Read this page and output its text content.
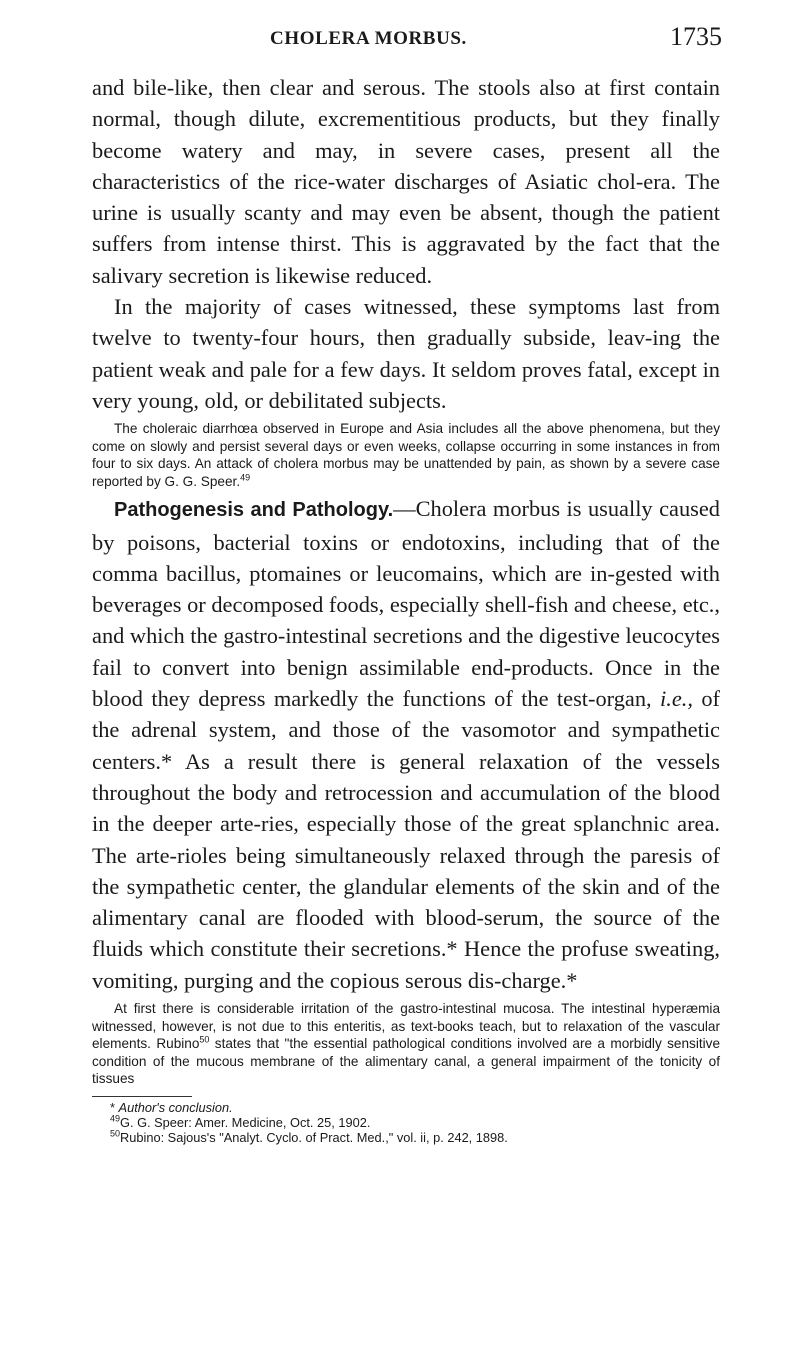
CHOLERA MORBUS.	1735

and bile-like, then clear and serous. The stools also at first contain normal, though dilute, excrementitious products, but they finally become watery and may, in severe cases, present all the characteristics of the rice-water discharges of Asiatic chol-era. The urine is usually scanty and may even be absent, though the patient suffers from intense thirst. This is aggravated by the fact that the salivary secretion is likewise reduced.

In the majority of cases witnessed, these symptoms last from twelve to twenty-four hours, then gradually subside, leav-ing the patient weak and pale for a few days. It seldom proves fatal, except in very young, old, or debilitated subjects.

The choleraic diarrhœa observed in Europe and Asia includes all the above phenomena, but they come on slowly and persist several days or even weeks, collapse occurring in some instances in from four to six days. An attack of cholera morbus may be unattended by pain, as shown by a severe case reported by G. G. Speer.$^{49}$

Pathogenesis and Pathology.—Cholera morbus is usually caused by poisons, bacterial toxins or endotoxins, including that of the comma bacillus, ptomaines or leucomains, which are in-gested with beverages or decomposed foods, especially shell-fish and cheese, etc., and which the gastro-intestinal secretions and the digestive leucocytes fail to convert into benign assimilable end-products. Once in the blood they depress markedly the functions of the test-organ, i.e., of the adrenal system, and those of the vasomotor and sympathetic centers.* As a result there is general relaxation of the vessels throughout the body and retrocession and accumulation of the blood in the deeper arte-ries, especially those of the great splanchnic area. The arte-rioles being simultaneously relaxed through the paresis of the sympathetic center, the glandular elements of the skin and of the alimentary canal are flooded with blood-serum, the source of the fluids which constitute their secretions.* Hence the profuse sweating, vomiting, purging and the copious serous dis-charge.*

At first there is considerable irritation of the gastro-intestinal mucosa. The intestinal hyperæmia witnessed, however, is not due to this enteritis, as text-books teach, but to relaxation of the vascular elements. Rubino$^{50}$ states that "the essential pathological conditions involved are a morbidly sensitive condition of the mucous membrane of the alimentary canal, a general impairment of the tonicity of tissues

* Author's conclusion.

$^{49}$G. G. Speer: Amer. Medicine, Oct. 25, 1902.

$^{50}$Rubino: Sajous's "Analyt. Cyclo. of Pract. Med.," vol. ii, p. 242, 1898.
